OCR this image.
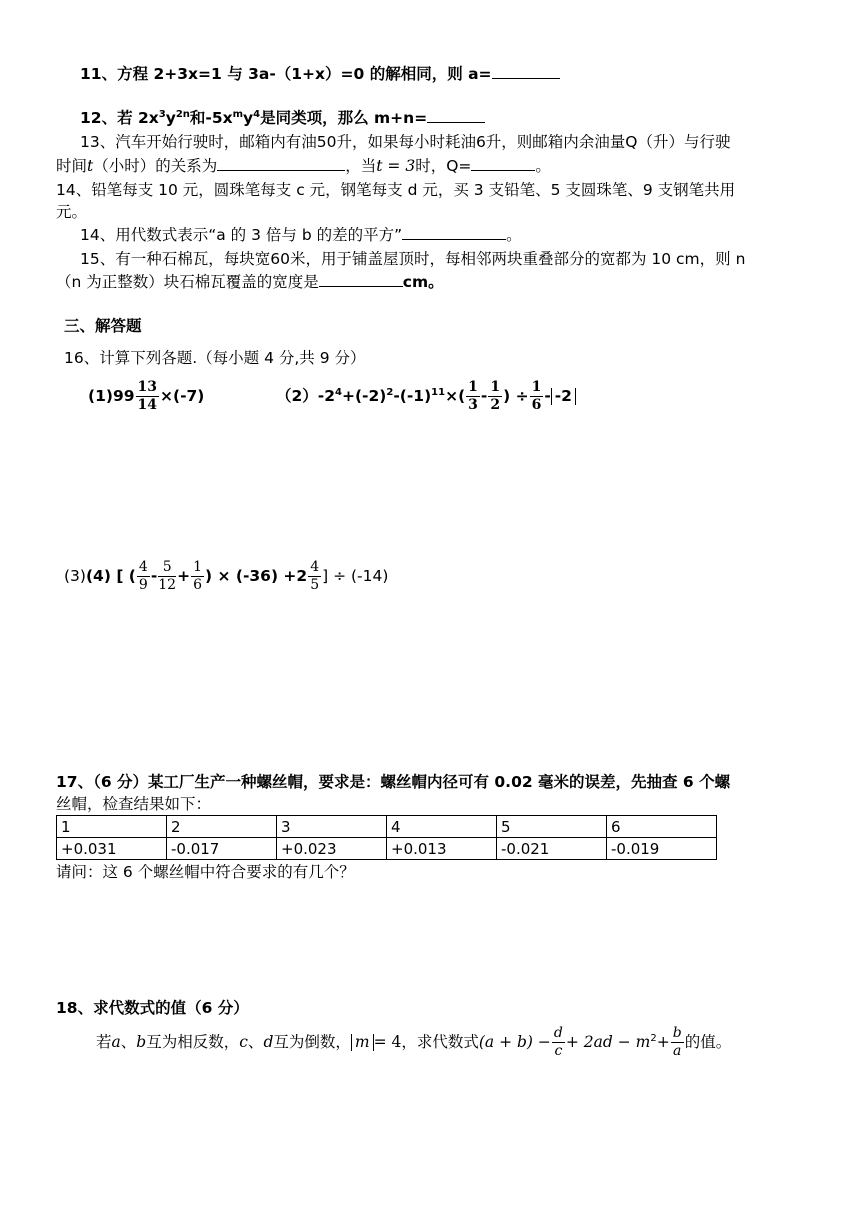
11、方程 2+3x=1 与 3a-（1+x）=0 的解相同，则 a=
12、若 $2x^3y^{2n}$和$-5x^my^4$是同类项，那么 m+n=
13、汽车开始行驶时，邮箱内有油50升，如果每小时耗油6升，则邮箱内余油量Q（升）与行驶
时间t（小时）的关系为	，当t = 3时，Q=	。
14、铅笔每支 10 元，圆珠笔每支 c 元，钢笔每支 d 元，买 3 支铅笔、5 支圆珠笔、9 支钢笔共用
元。
14、用代数式表示“a 的 3 倍与 b 的差的平方”	。
15、有一种石棉瓦，每块宽60米，用于铺盖屋顶时，每相邻两块重叠部分的宽都为 10 cm，则 n
（n 为正整数）块石棉瓦覆盖的宽度是	cm。
三、解答题
16、计算下列各题.（每小题 4 分,共 9 分）
$(1)99 \frac{13}{14} \times(-7)$	$(2)-2^4+(-2)^2-(-1)^{11}\times( \frac{1}{3} - \frac{1}{2}$ ) ÷ $\frac{1}{6} - -2$
(3)(4) [ ( $\frac{4}{9} - \frac{5}{12} + \frac{1}{6}$ ) × $(-36) +2 \frac{4}{5}$ ] ÷ (-14)
17、（6 分）某工厂生产一种螺丝帽，要求是：螺丝帽内径可有 0.02 毫米的误差，先抽查 6 个螺
丝帽，检查结果如下：
1	2	3	4	5	6
+0.031	-0.017	+0.023	+0.013	-0.021	-0.019
请问：这 6 个螺丝帽中符合要求的有几个？
18、求代数式的值（6 分）
若a、b互为相反数，c、d互为倒数， m = 4，求代数式$(a + b) - \frac{d}{c} + 2ad - m^2+ \frac{b}{a}$ 的值。
